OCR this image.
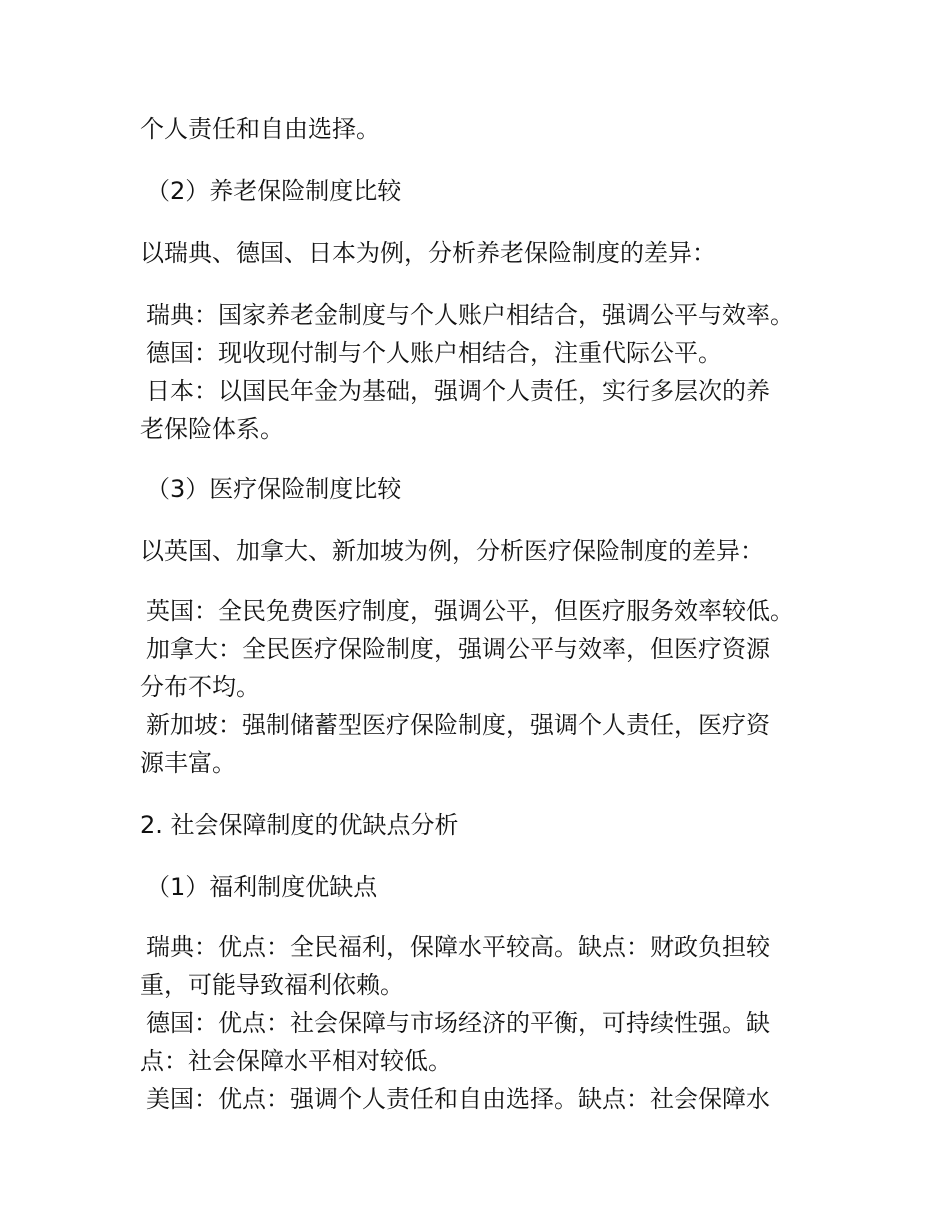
个人责任和自由选择。
（2）养老保险制度比较
以瑞典、德国、日本为例，分析养老保险制度的差异：
瑞典：国家养老金制度与个人账户相结合，强调公平与效率。
德国：现收现付制与个人账户相结合，注重代际公平。
日本：以国民年金为基础，强调个人责任，实行多层次的养
老保险体系。
（3）医疗保险制度比较
以英国、加拿大、新加坡为例，分析医疗保险制度的差异：
英国：全民免费医疗制度，强调公平，但医疗服务效率较低。
加拿大：全民医疗保险制度，强调公平与效率，但医疗资源
分布不均。
新加坡：强制储蓄型医疗保险制度，强调个人责任，医疗资
源丰富。
2. 社会保障制度的优缺点分析
（1）福利制度优缺点
瑞典：优点：全民福利，保障水平较高。缺点：财政负担较
重，可能导致福利依赖。
德国：优点：社会保障与市场经济的平衡，可持续性强。缺
点：社会保障水平相对较低。
美国：优点：强调个人责任和自由选择。缺点：社会保障水
